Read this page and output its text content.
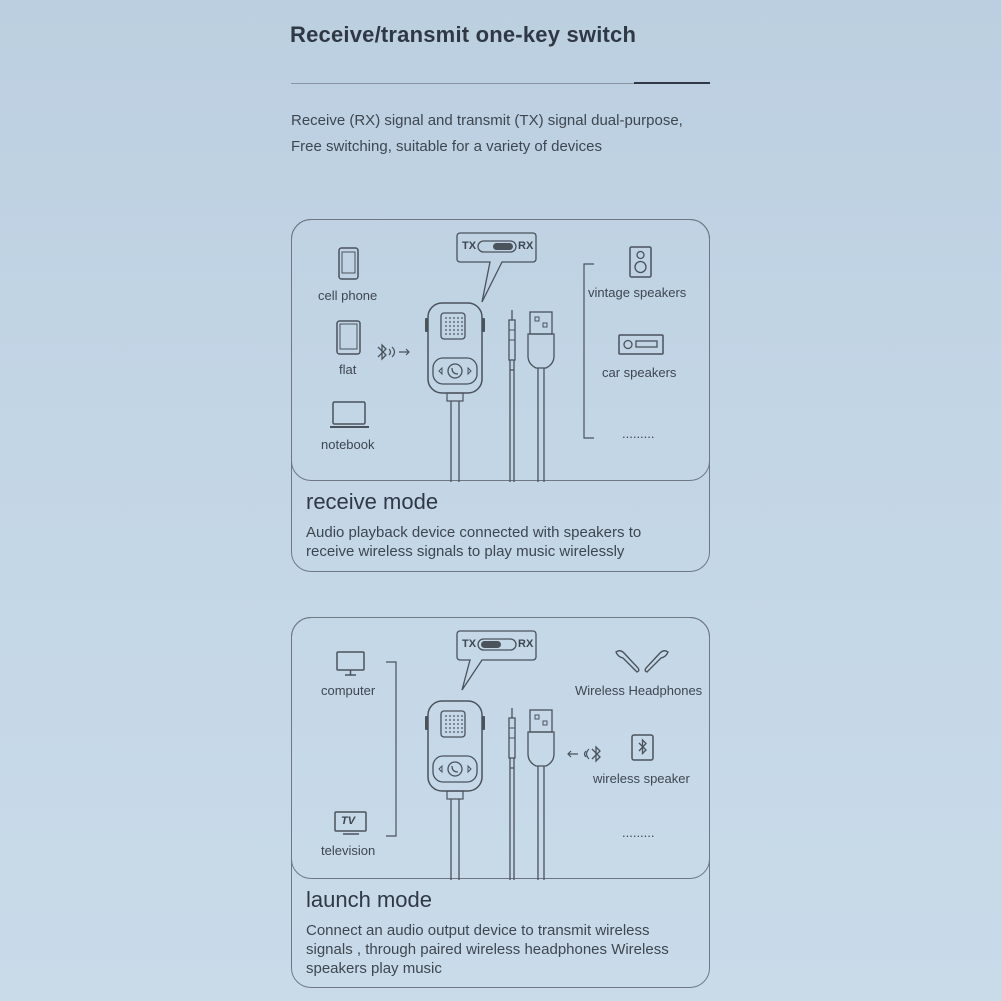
Receive/transmit one-key switch
Receive (RX) signal and transmit (TX) signal dual-purpose,
Free switching, suitable for a variety of devices
TX	RX
cell phone
flat
notebook
vintage speakers
car speakers
.........
receive mode
Audio playback device connected with speakers to
receive wireless signals to play music wirelessly
TX	RX
computer
TV
television
Wireless Headphones
wireless speaker
.........
launch mode
Connect an audio output device to transmit wireless
signals , through paired wireless headphones Wireless
speakers play music
